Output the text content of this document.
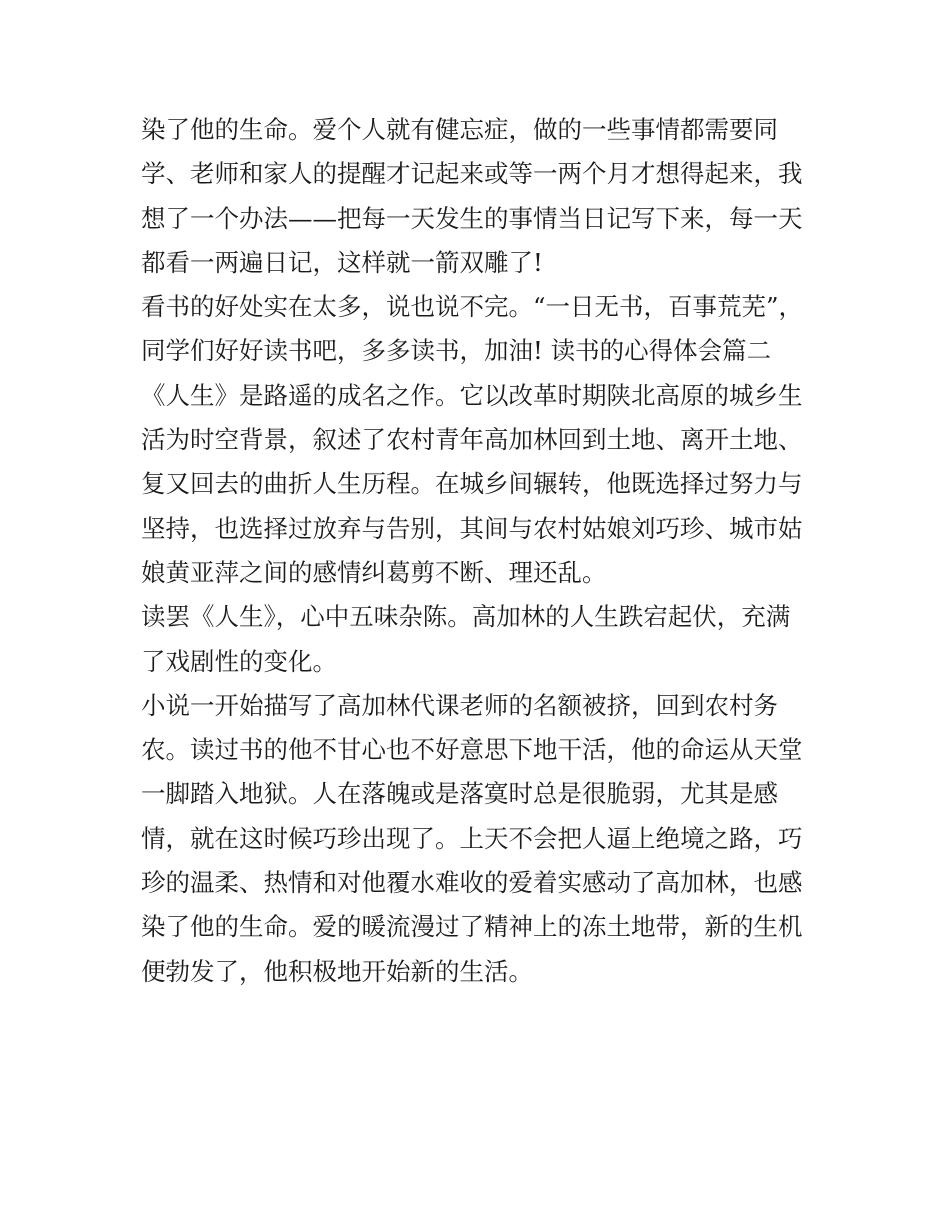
染了他的生命。爱个人就有健忘症，做的一些事情都需要同
学、老师和家人的提醒才记起来或等一两个月才想得起来，我
想了一个办法——把每一天发生的事情当日记写下来，每一天
都看一两遍日记，这样就一箭双雕了!
看书的好处实在太多，说也说不完。“一日无书，百事荒芜”，
同学们好好读书吧，多多读书，加油! 读书的心得体会篇二
《人生》是路遥的成名之作。它以改革时期陕北高原的城乡生
活为时空背景，叙述了农村青年高加林回到土地、离开土地、
复又回去的曲折人生历程。在城乡间辗转，他既选择过努力与
坚持，也选择过放弃与告别，其间与农村姑娘刘巧珍、城市姑
娘黄亚萍之间的感情纠葛剪不断、理还乱。
读罢《人生》，心中五味杂陈。高加林的人生跌宕起伏，充满
了戏剧性的变化。
小说一开始描写了高加林代课老师的名额被挤，回到农村务
农。读过书的他不甘心也不好意思下地干活，他的命运从天堂
一脚踏入地狱。人在落魄或是落寞时总是很脆弱，尤其是感
情，就在这时候巧珍出现了。上天不会把人逼上绝境之路，巧
珍的温柔、热情和对他覆水难收的爱着实感动了高加林，也感
染了他的生命。爱的暖流漫过了精神上的冻土地带，新的生机
便勃发了，他积极地开始新的生活。
